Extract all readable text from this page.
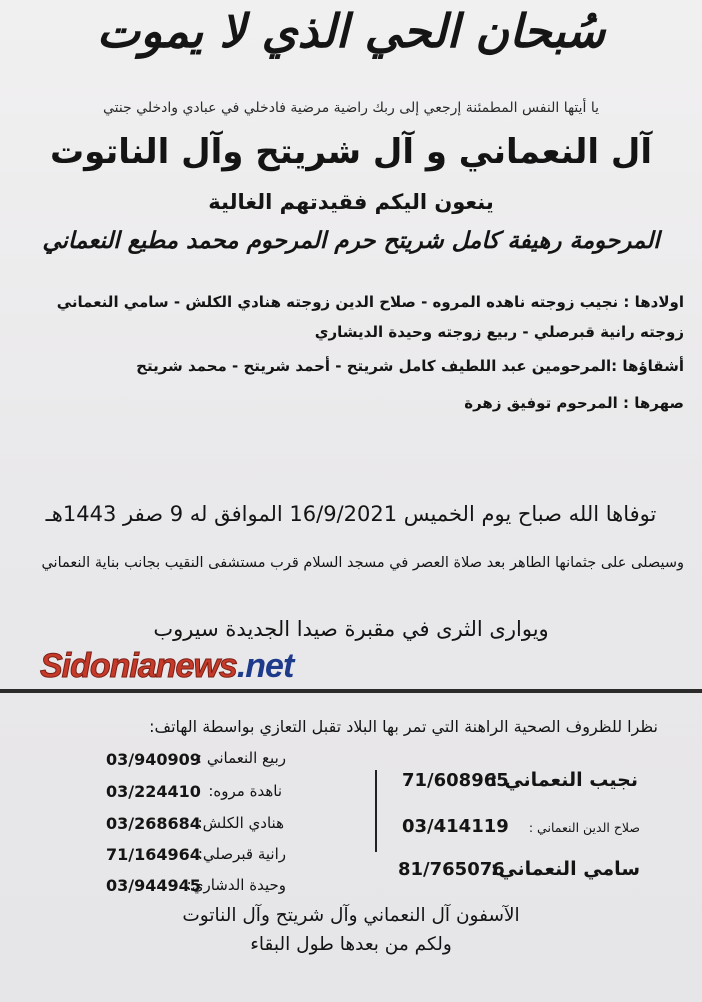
سُبحان الحي الذي لا يموت
يا أيتها النفس المطمئنة إرجعي إلى ربك راضية مرضية فادخلي في عبادي وادخلي جنتي
آل النعماني و آل شريتح وآل الناتوت
ينعون اليكم فقيدتهم الغالية
المرحومة رهيفة كامل شريتح حرم المرحوم محمد مطيع النعماني
اولادها : نجيب زوجته ناهده المروه - صلاح الدين زوجته هنادي الكلش - سامي النعماني
زوجته رانية قبرصلي - ربيع زوجته وحيدة الديشاري
أشقاؤها :المرحومين عبد اللطيف كامل شريتح - أحمد شريتح - محمد شريتح
صهرها : المرحوم توفيق زهرة
توفاها الله صباح يوم الخميس 16/9/2021 الموافق له 9 صفر 1443هـ
وسيصلى على جثمانها الطاهر بعد صلاة العصر في مسجد السلام قرب مستشفى النقيب بجانب بناية النعماني
ويوارى الثرى في مقبرة صيدا الجديدة سيروب
Sidonianews.net
نظرا للظروف الصحية الراهنة التي تمر بها البلاد تقبل التعازي بواسطة الهاتف:
ربيع النعماني :
03/940909
ناهدة مروه:
03/224410
هنادي الكلش:
03/268684
رانية قبرصلي:
71/164964
وحيدة الدشاري:
03/944945
نجيب النعماني :
71/608965
صلاح الدين النعماني :
03/414119
سامي النعماني:
81/765076
الآسفون آل النعماني وآل شريتح وآل الناتوت
ولكم من بعدها طول البقاء
